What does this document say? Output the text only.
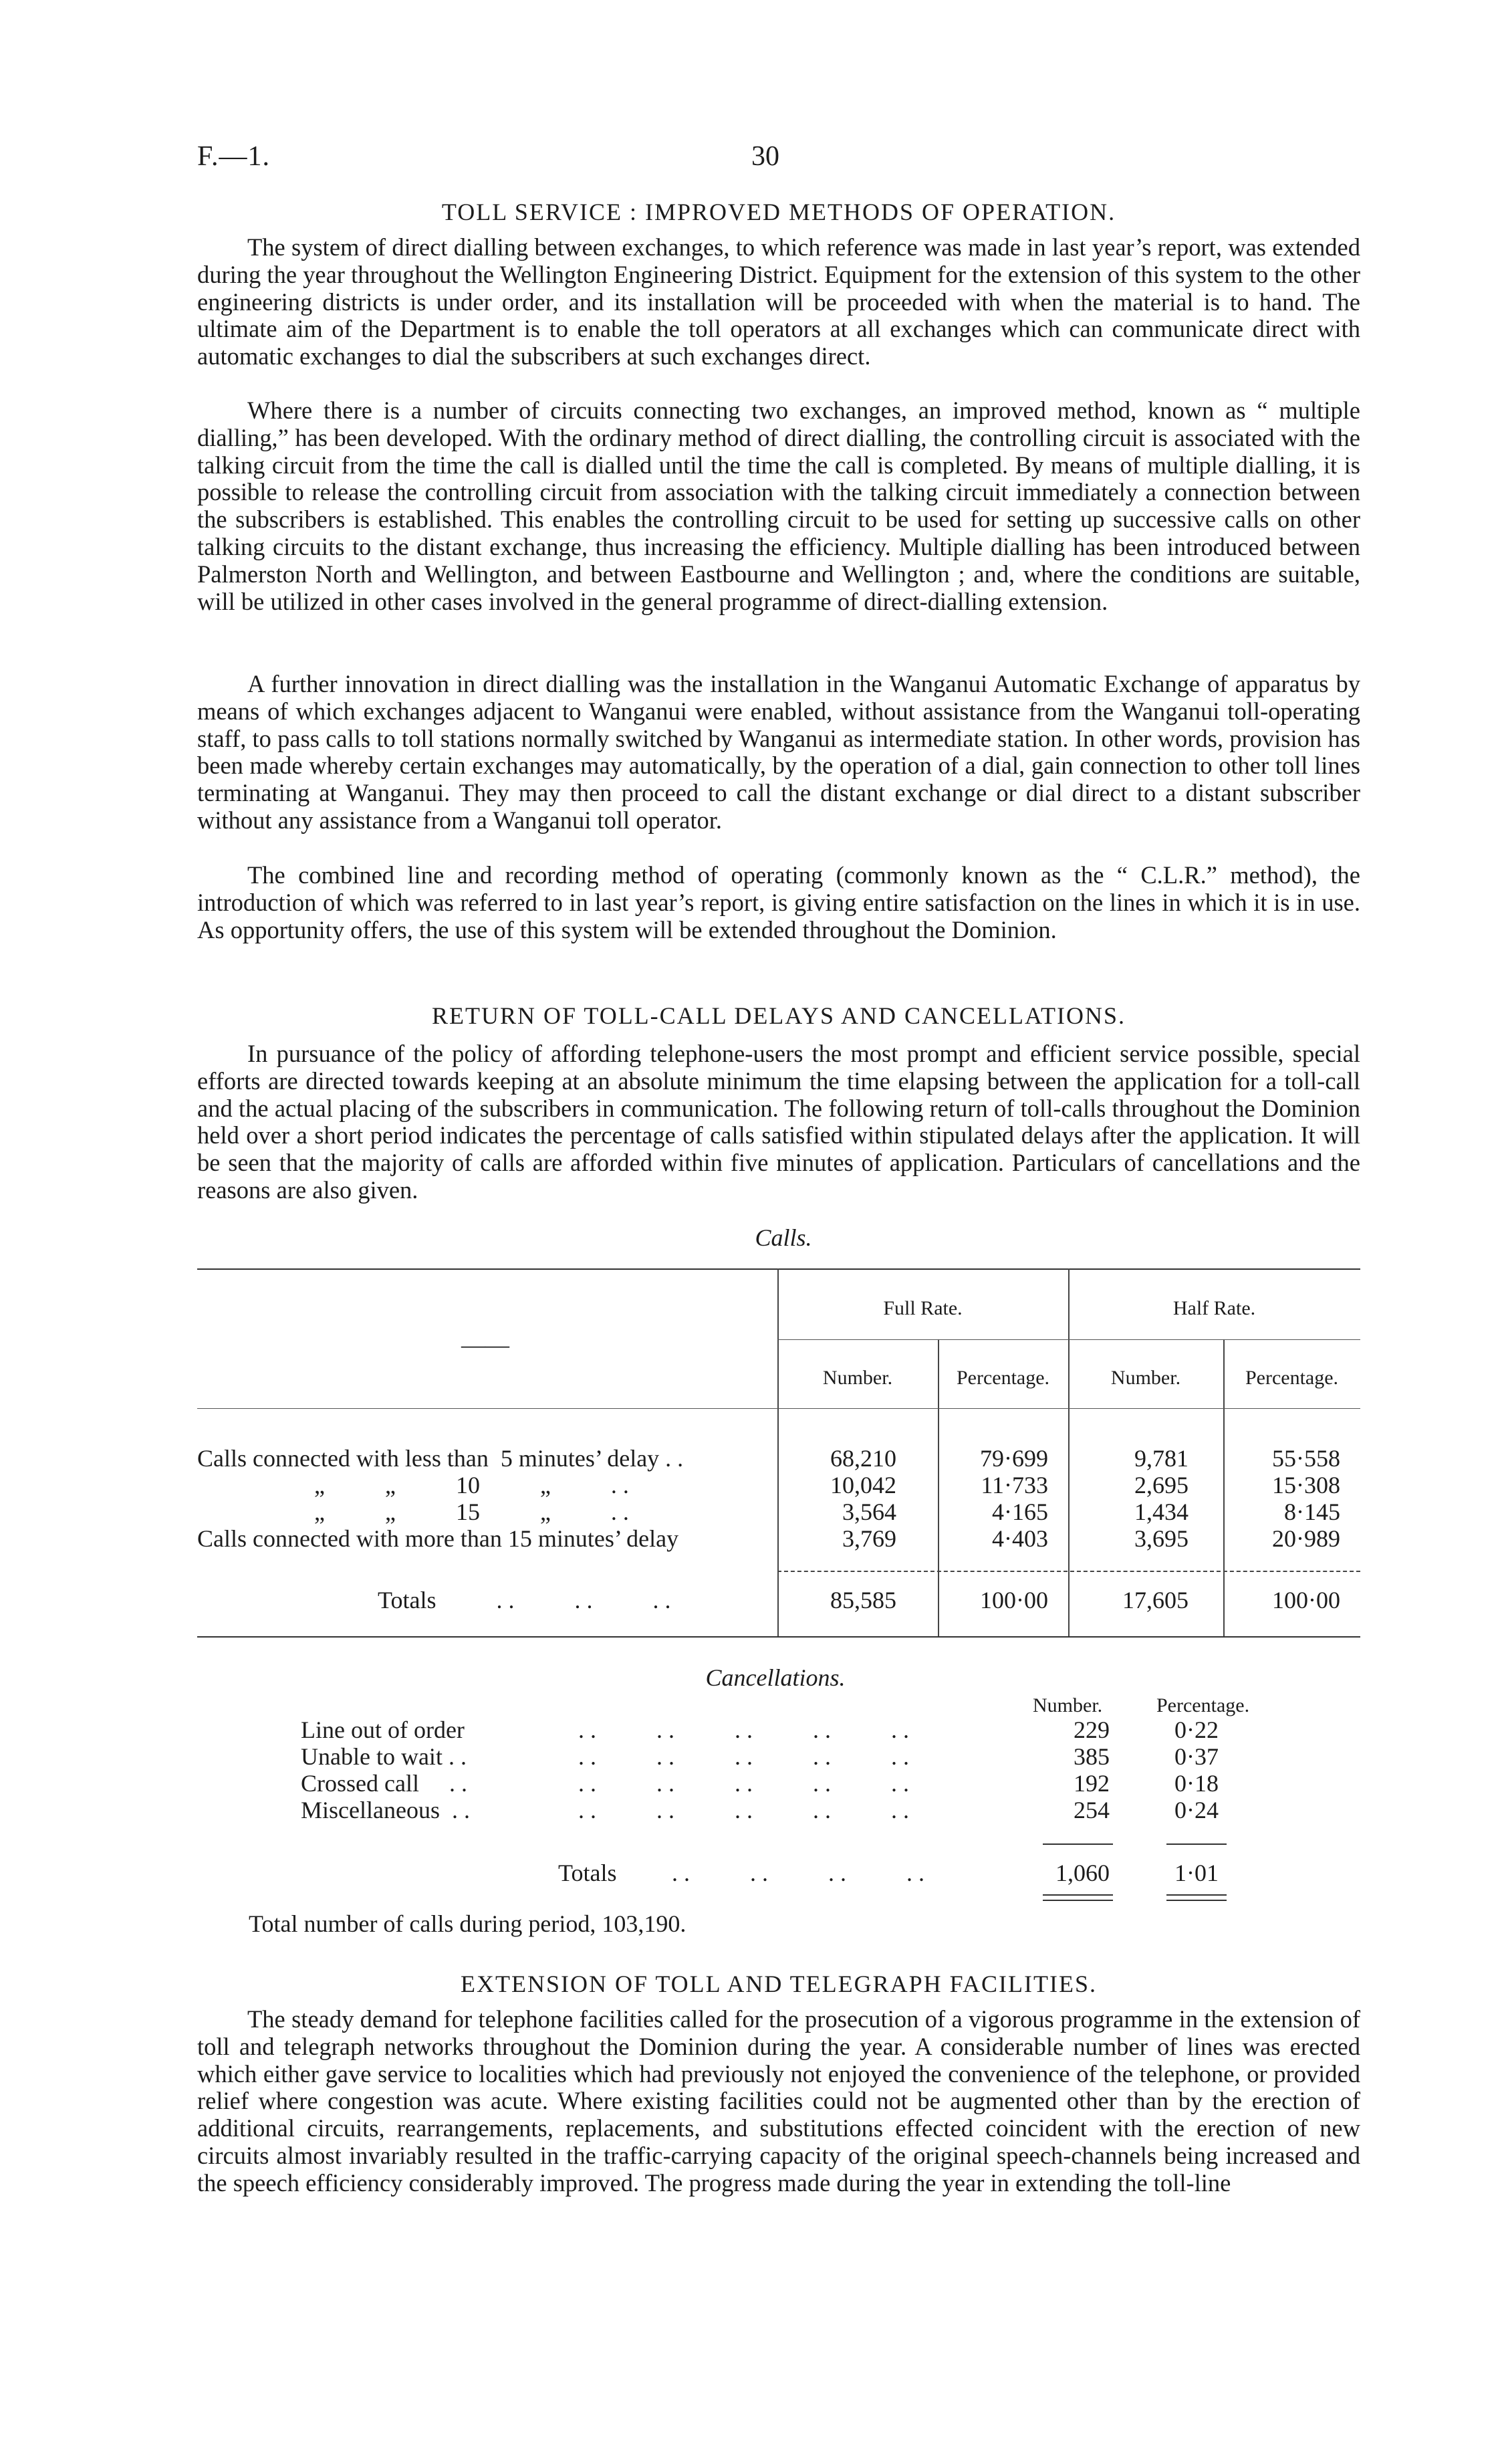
F.—1.	30
TOLL SERVICE : IMPROVED METHODS OF OPERATION.

The system of direct dialling between exchanges, to which reference was made in last year’s report, was extended during the year throughout the Wellington Engineering District. Equipment for the extension of this system to the other engineering districts is under order, and its installation will be proceeded with when the material is to hand. The ultimate aim of the Department is to enable the toll operators at all exchanges which can communicate direct with automatic exchanges to dial the subscribers at such exchanges direct.

Where there is a number of circuits connecting two exchanges, an improved method, known as “ multiple dialling,” has been developed. With the ordinary method of direct dialling, the controlling circuit is associated with the talking circuit from the time the call is dialled until the time the call is completed. By means of multiple dialling, it is possible to release the controlling circuit from association with the talking circuit immediately a connection between the subscribers is established. This enables the controlling circuit to be used for setting up successive calls on other talking circuits to the distant exchange, thus increasing the efficiency. Multiple dialling has been introduced between Palmerston North and Wellington, and between Eastbourne and Wellington ; and, where the conditions are suitable, will be utilized in other cases involved in the general programme of direct-dialling extension.

A further innovation in direct dialling was the installation in the Wanganui Automatic Exchange of apparatus by means of which exchanges adjacent to Wanganui were enabled, without assistance from the Wanganui toll-operating staff, to pass calls to toll stations normally switched by Wanganui as intermediate station. In other words, provision has been made whereby certain exchanges may automatically, by the operation of a dial, gain connection to other toll lines terminating at Wanganui. They may then proceed to call the distant exchange or dial direct to a distant subscriber without any assistance from a Wanganui toll operator.

The combined line and recording method of operating (commonly known as the “ C.L.R.” method), the introduction of which was referred to in last year’s report, is giving entire satisfaction on the lines in which it is in use. As opportunity offers, the use of this system will be extended throughout the Dominion.

RETURN OF TOLL-CALL DELAYS AND CANCELLATIONS.

In pursuance of the policy of affording telephone-users the most prompt and efficient service possible, special efforts are directed towards keeping at an absolute minimum the time elapsing between the application for a toll-call and the actual placing of the subscribers in communication. The following return of toll-calls throughout the Dominion held over a short period indicates the percentage of calls satisfied within stipulated delays after the application. It will be seen that the majority of calls are afforded within five minutes of application. Particulars of cancellations and the reasons are also given.

Calls.
——
Full Rate.	Half Rate.
Number.	Percentage.	Number.	Percentage.
Calls connected with less than  5 minutes’ delay . .	68,210	79·699	9,781	55·558
„          „          10          „          . .	10,042	11·733	2,695	15·308
„          „          15          „          . .	3,564	4·165	1,434	8·145
Calls connected with more than 15 minutes’ delay	3,769	4·403	3,695	20·989
Totals          . .          . .          . .	85,585	100·00	17,605	100·00
Cancellations.
Number.	Percentage.
Line out of order	. .          . .          . .          . .          . .	229	0·22
Unable to wait . .	. .          . .          . .          . .          . .	385	0·37
Crossed call     . .	. .          . .          . .          . .          . .	192	0·18
Miscellaneous  . .	. .          . .          . .          . .          . .	254	0·24
Totals . .          . .          . .          . .	1,060	1·01
Total number of calls during period, 103,190.
EXTENSION OF TOLL AND TELEGRAPH FACILITIES.

The steady demand for telephone facilities called for the prosecution of a vigorous programme in the extension of toll and telegraph networks throughout the Dominion during the year. A considerable number of lines was erected which either gave service to localities which had previously not enjoyed the convenience of the telephone, or provided relief where congestion was acute. Where existing facilities could not be augmented other than by the erection of additional circuits, rearrangements, replacements, and substitutions effected coincident with the erection of new circuits almost invariably resulted in the traffic-carrying capacity of the original speech-channels being increased and the speech efficiency considerably improved. The progress made during the year in extending the toll-line
